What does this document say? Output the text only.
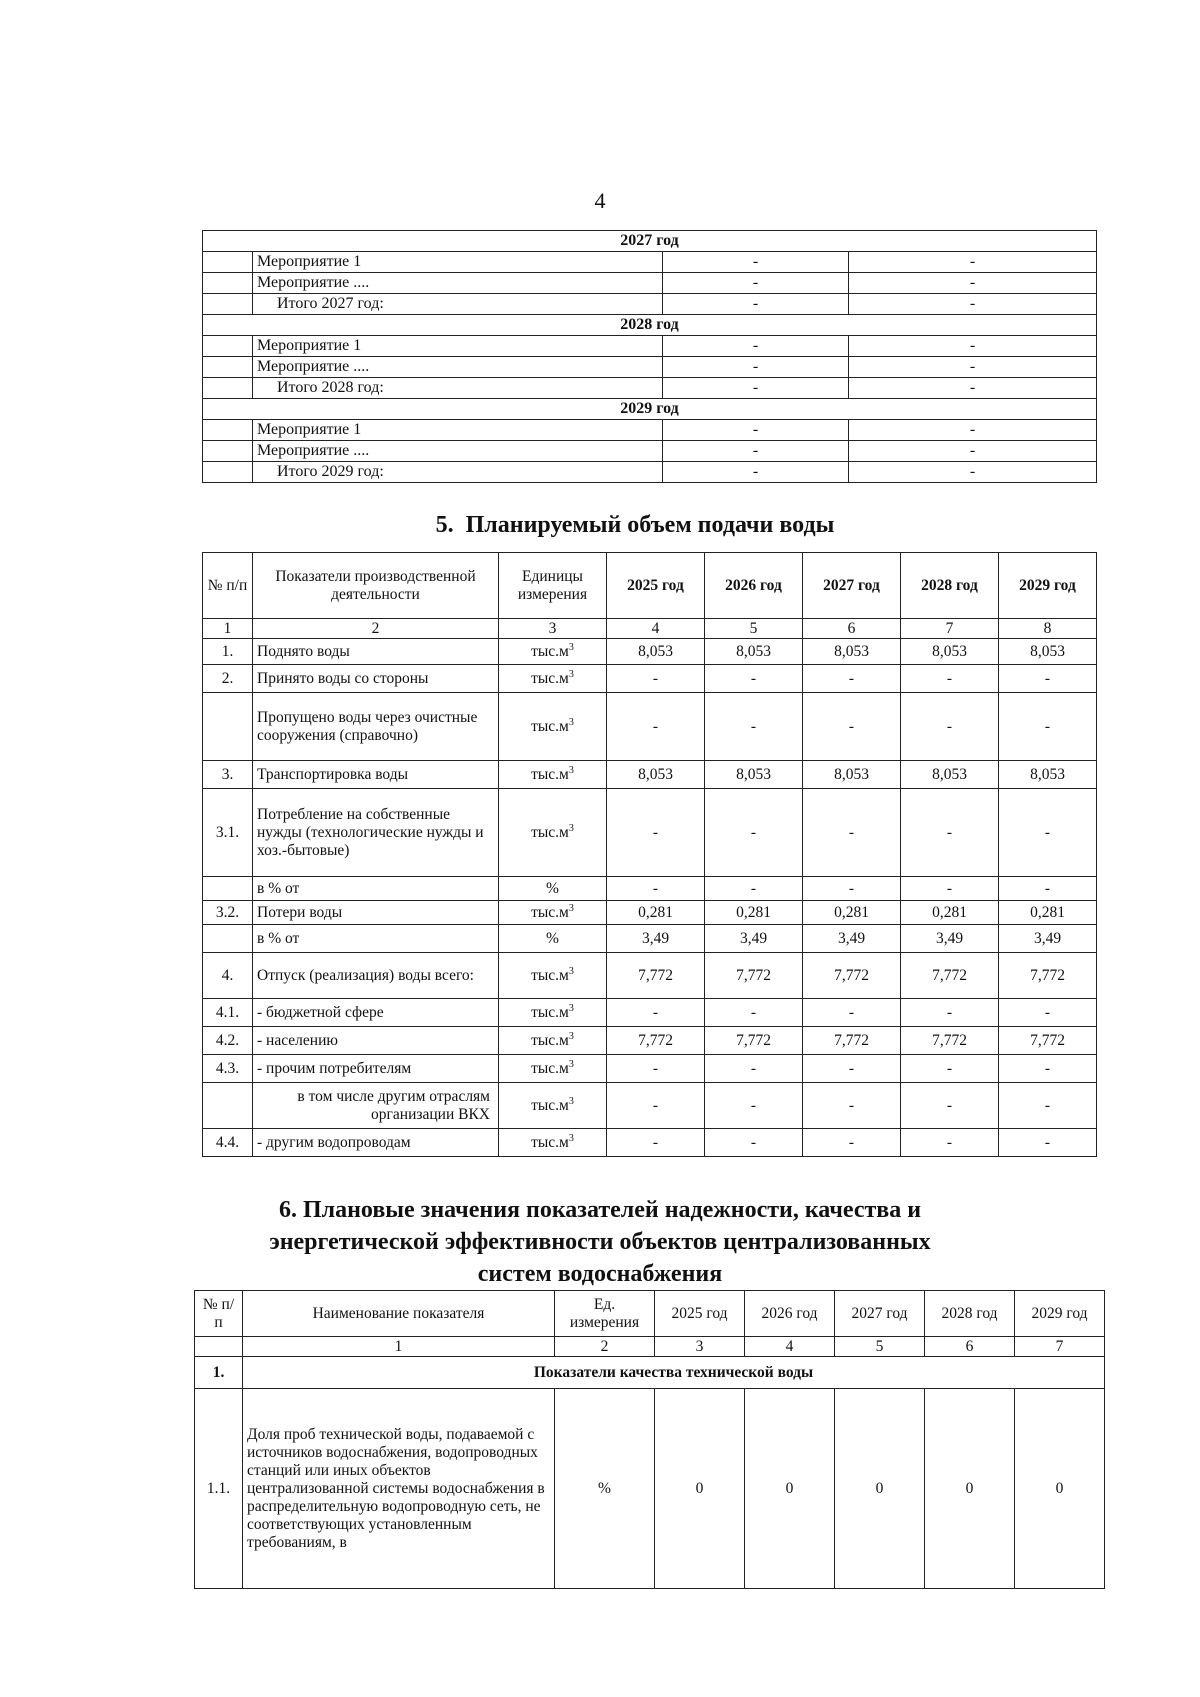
4
2027 год			
	Мероприятие 1	-	-
	Мероприятие ....	-	-
	Итого 2027 год:	-	-
2028 год			
	Мероприятие 1	-	-
	Мероприятие ....	-	-
	Итого 2028 год:	-	-
2029 год			
	Мероприятие 1	-	-
	Мероприятие ....	-	-
	Итого 2029 год:	-	-
5. Планируемый объем подачи воды
№ п/п	Показатели производственной деятельности	Единицы измерения	2025 год	2026 год	2027 год	2028 год	2029 год
1	2	3	4	5	6	7	8
1.	Поднято воды	$тыс.м^3$	8,053	8,053	8,053	8,053	8,053
2.	Принято воды со стороны	$тыс.м^3$	-	-	-	-	-
	Пропущено воды через очистные сооружения (справочно)	$тыс.м^3$	-	-	-	-	-
3.	Транспортировка воды	$тыс.м^3$	8,053	8,053	8,053	8,053	8,053
3.1.	Потребление на собственные нужды (технологические нужды и хоз.-бытовые)	$тыс.м^3$	-	-	-	-	-
	в % от	%	-	-	-	-	-
3.2.	Потери воды	$тыс.м^3$	0,281	0,281	0,281	0,281	0,281
	в % от	%	3,49	3,49	3,49	3,49	3,49
4.	Отпуск (реализация) воды всего:	$тыс.м^3$	7,772	7,772	7,772	7,772	7,772
4.1.	- бюджетной сфере	$тыс.м^3$	-	-	-	-	-
4.2.	- населению	$тыс.м^3$	7,772	7,772	7,772	7,772	7,772
4.3.	- прочим потребителям	$тыс.м^3$	-	-	-	-	-
	в том числе другим отраслям организации ВКХ	$тыс.м^3$	-	-	-	-	-
4.4.	- другим водопроводам	$тыс.м^3$	-	-	-	-	-
6. Плановые значения показателей надежности, качества и
энергетической эффективности объектов централизованных
систем водоснабжения
№ п/п	Наименование показателя	Ед. измерения	2025 год	2026 год	2027 год	2028 год	2029 год
	1	2	3	4	5	6	7
1.	Показатели качества технической воды						
1.1.	Доля проб технической воды, подаваемой с источников водоснабжения, водопроводных станций или иных объектов централизованной системы водоснабжения в распределительную водопроводную сеть, не соответствующих установленным требованиям, в	%	0	0	0	0	0
